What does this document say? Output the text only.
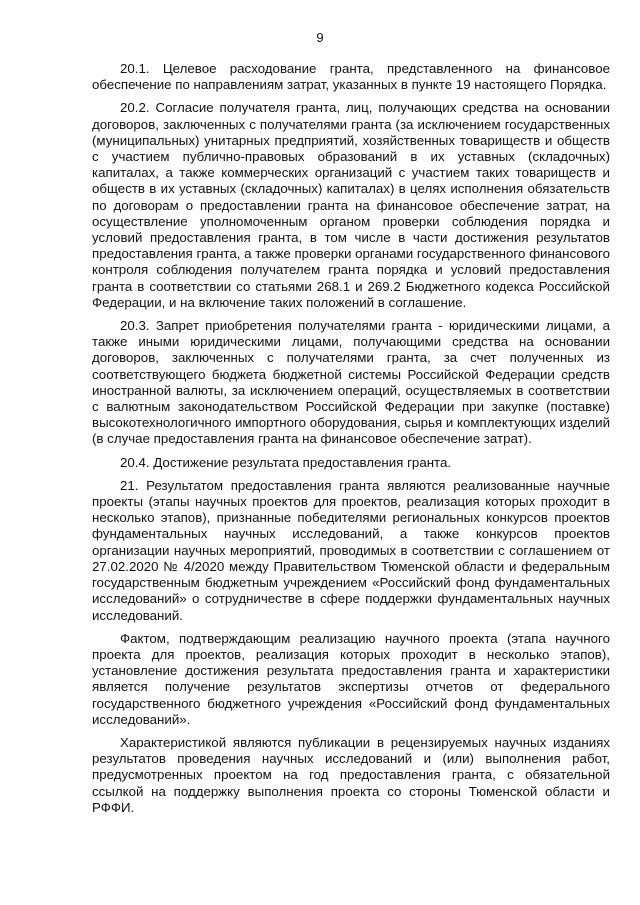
9

20.1. Целевое расходование гранта, представленного на финансовое обеспечение по направлениям затрат, указанных в пункте 19 настоящего Порядка.

20.2. Согласие получателя гранта, лиц, получающих средства на основании договоров, заключенных с получателями гранта (за исключением государственных (муниципальных) унитарных предприятий, хозяйственных товариществ и обществ с участием публично-правовых образований в их уставных (складочных) капиталах, а также коммерческих организаций с участием таких товариществ и обществ в их уставных (складочных) капиталах) в целях исполнения обязательств по договорам о предоставлении гранта на финансовое обеспечение затрат, на осуществление уполномоченным органом проверки соблюдения порядка и условий предоставления гранта, в том числе в части достижения результатов предоставления гранта, а также проверки органами государственного финансового контроля соблюдения получателем гранта порядка и условий предоставления гранта в соответствии со статьями 268.1 и 269.2 Бюджетного кодекса Российской Федерации, и на включение таких положений в соглашение.

20.3. Запрет приобретения получателями гранта - юридическими лицами, а также иными юридическими лицами, получающими средства на основании договоров, заключенных с получателями гранта, за счет полученных из соответствующего бюджета бюджетной системы Российской Федерации средств иностранной валюты, за исключением операций, осуществляемых в соответствии с валютным законодательством Российской Федерации при закупке (поставке) высокотехнологичного импортного оборудования, сырья и комплектующих изделий (в случае предоставления гранта на финансовое обеспечение затрат).

20.4. Достижение результата предоставления гранта.

21. Результатом предоставления гранта являются реализованные научные проекты (этапы научных проектов для проектов, реализация которых проходит в несколько этапов), признанные победителями региональных конкурсов проектов фундаментальных научных исследований, а также конкурсов проектов организации научных мероприятий, проводимых в соответствии с соглашением от 27.02.2020 № 4/2020 между Правительством Тюменской области и федеральным государственным бюджетным учреждением «Российский фонд фундаментальных исследований» о сотрудничестве в сфере поддержки фундаментальных научных исследований.

Фактом, подтверждающим реализацию научного проекта (этапа научного проекта для проектов, реализация которых проходит в несколько этапов), установление достижения результата предоставления гранта и характеристики является получение результатов экспертизы отчетов от федерального государственного бюджетного учреждения «Российский фонд фундаментальных исследований».

Характеристикой являются публикации в рецензируемых научных изданиях результатов проведения научных исследований и (или) выполнения работ, предусмотренных проектом на год предоставления гранта, с обязательной ссылкой на поддержку выполнения проекта со стороны Тюменской области и РФФИ.
